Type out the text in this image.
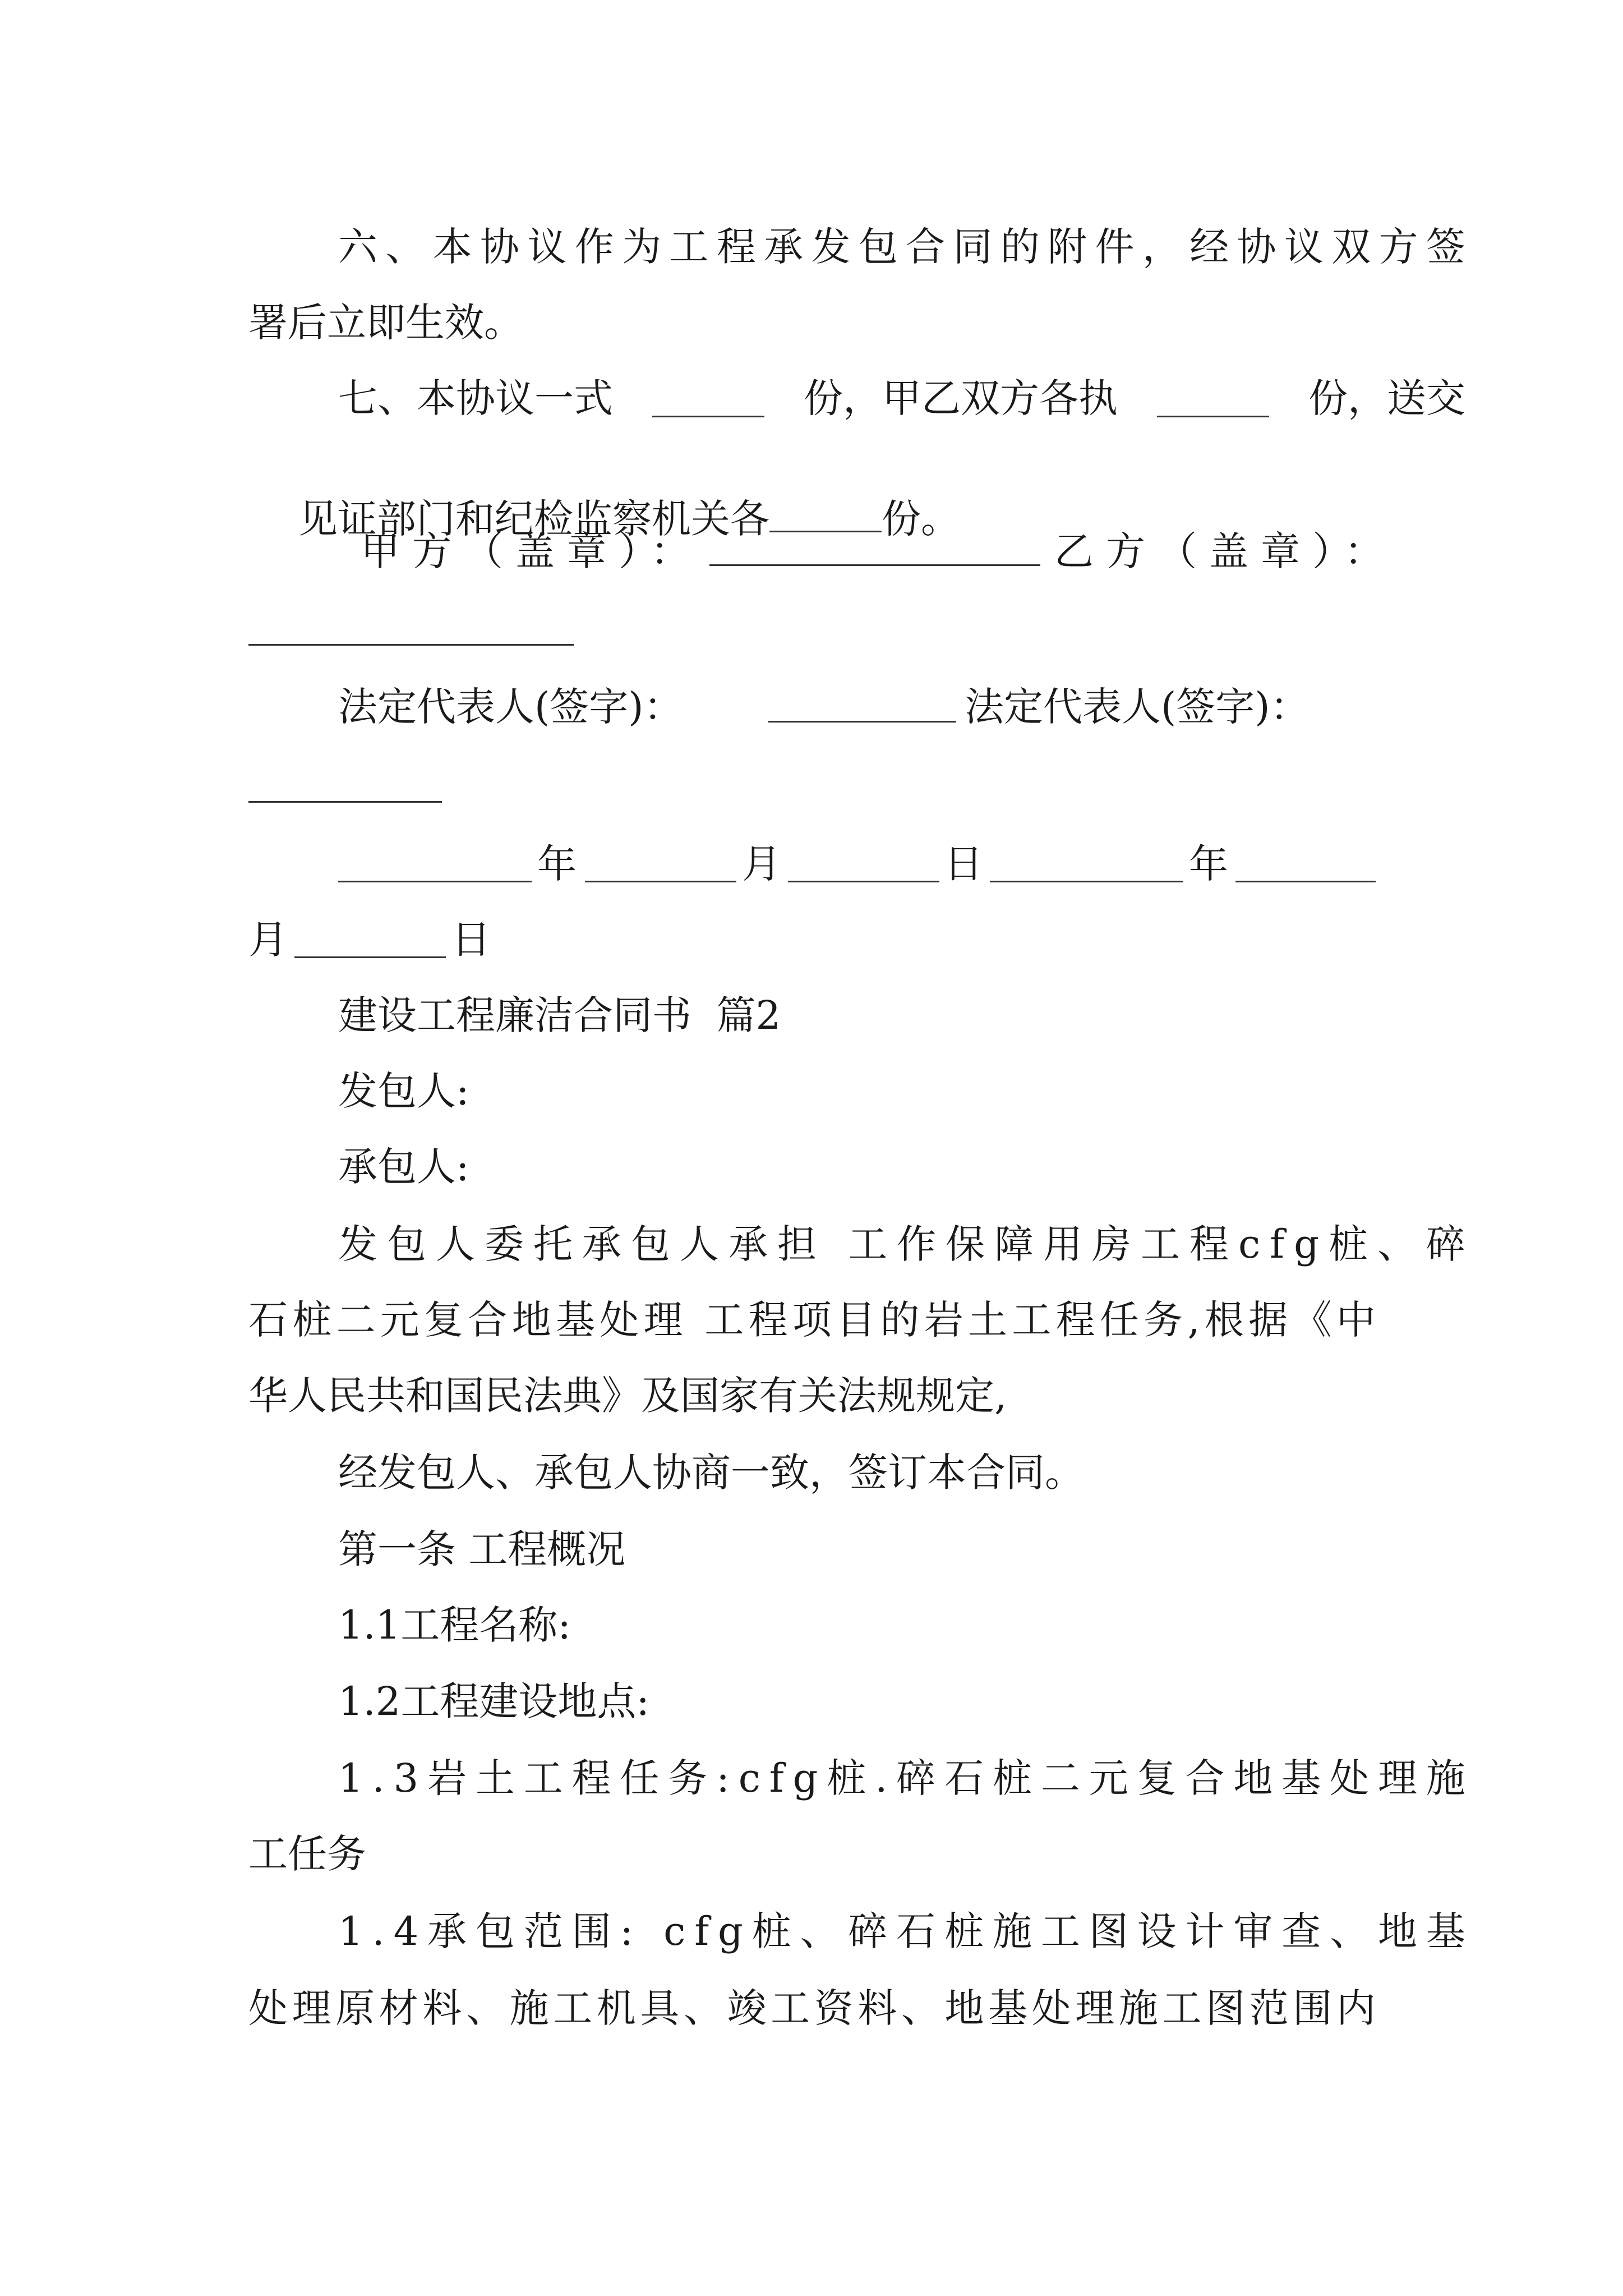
六 、 本 协 议 作 为 工 程 承 发 包 合 同 的 附 件 ， 经 协 议 双 方 签
署后立即生效。
七、本协议一式	份，甲乙双方各执	份，送交

见证部门和纪检监察机关各	份。

甲方（盖章）：	乙方（盖章）：
法定代表人(签字)：	法定代表人(签字)：
年	月	日	年
月	日
建设工程廉洁合同书  篇2
发包人:
承包人:
发 包 人 委 托 承 包 人 承 担
工 作 保 障 用 房 工 程 c f g 桩 、 碎
石 桩 二 元 复 合 地 基 处 理
工 程 项 目 的 岩 土 工 程 任 务 , 根 据 《 中
华人民共和国民法典》及国家有关法规规定,
经发包人、承包人协商一致，签订本合同。
第一条 工程概况
1.1工程名称:
1.2工程建设地点:
1 . 3 岩 土 工 程 任 务 : c f g 桩 . 碎 石 桩 二 元 复 合 地 基 处 理 施
工任务
1 . 4 承 包 范 围 :
c f g 桩 、 碎 石 桩 施 工 图 设 计 审 查 、 地 基
处 理 原 材 料 、 施 工 机 具 、 竣 工 资 料 、 地 基 处 理 施 工 图 范 围 内
